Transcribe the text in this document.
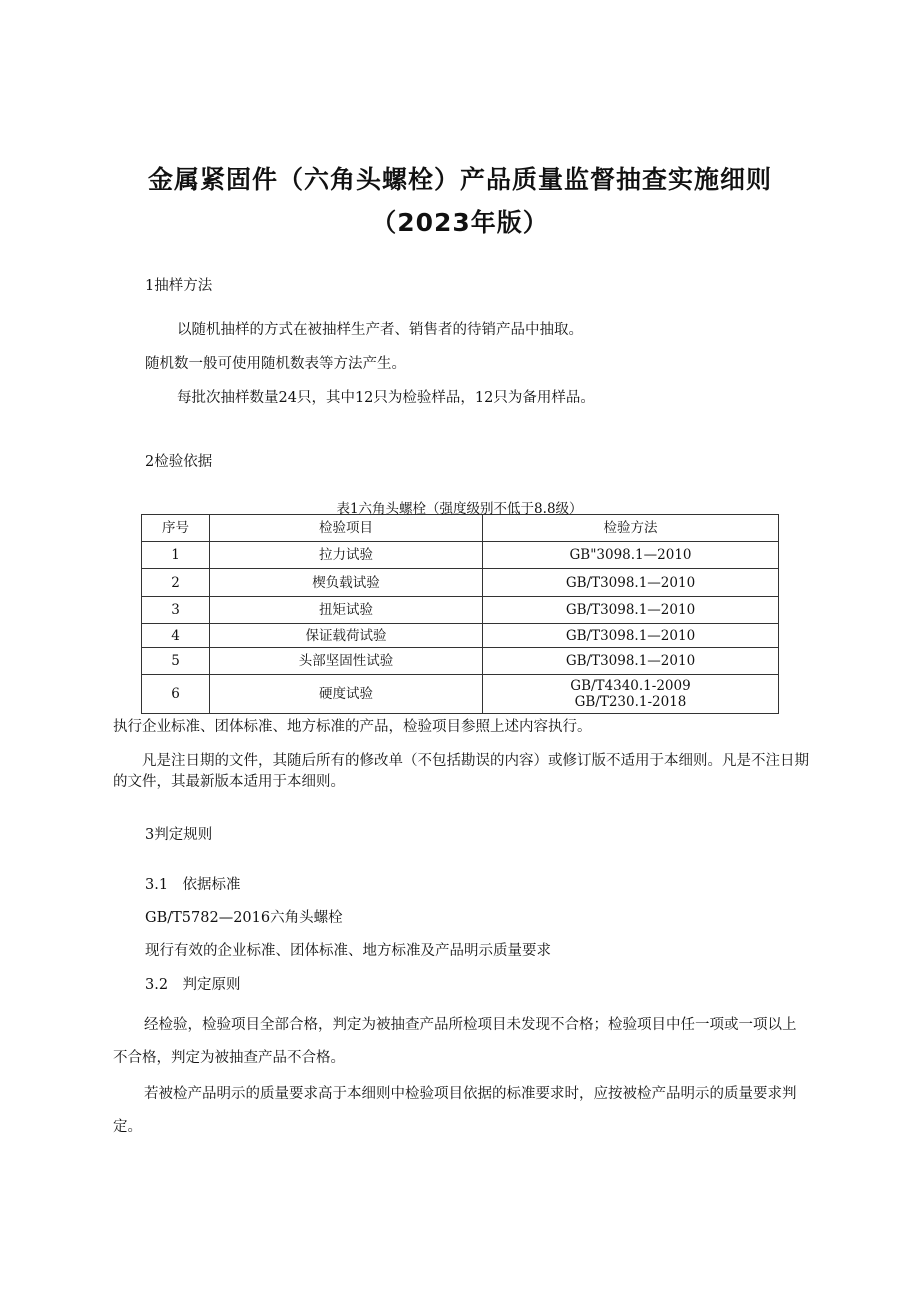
金属紧固件（六角头螺栓）产品质量监督抽查实施细则
（2023年版）
1抽样方法
以随机抽样的方式在被抽样生产者、销售者的待销产品中抽取。
随机数一般可使用随机数表等方法产生。
每批次抽样数量24只，其中12只为检验样品，12只为备用样品。
2检验依据
表1六角头螺栓（强度级别不低于8.8级）
序号	检验项目	检验方法
1	拉力试验	GB"3098.1—2010
2	楔负载试验	GB/T3098.1—2010
3	扭矩试验	GB/T3098.1—2010
4	保证载荷试验	GB/T3098.1—2010
5	头部坚固性试验	GB/T3098.1—2010
6	硬度试验	GB/T4340.1-2009
GB/T230.1-2018
执行企业标准、团体标准、地方标准的产品，检验项目参照上述内容执行。
凡是注日期的文件，其随后所有的修改单（不包括勘误的内容）或修订版不适用于本细则。凡是不注日期的文件，其最新版本适用于本细则。
3判定规则
3.1　依据标准
GB/T5782—2016六角头螺栓
现行有效的企业标准、团体标准、地方标准及产品明示质量要求
3.2　判定原则
经检验，检验项目全部合格，判定为被抽查产品所检项目未发现不合格；检验项目中任一项或一项以上不合格，判定为被抽查产品不合格。
若被检产品明示的质量要求高于本细则中检验项目依据的标准要求时，应按被检产品明示的质量要求判定。
